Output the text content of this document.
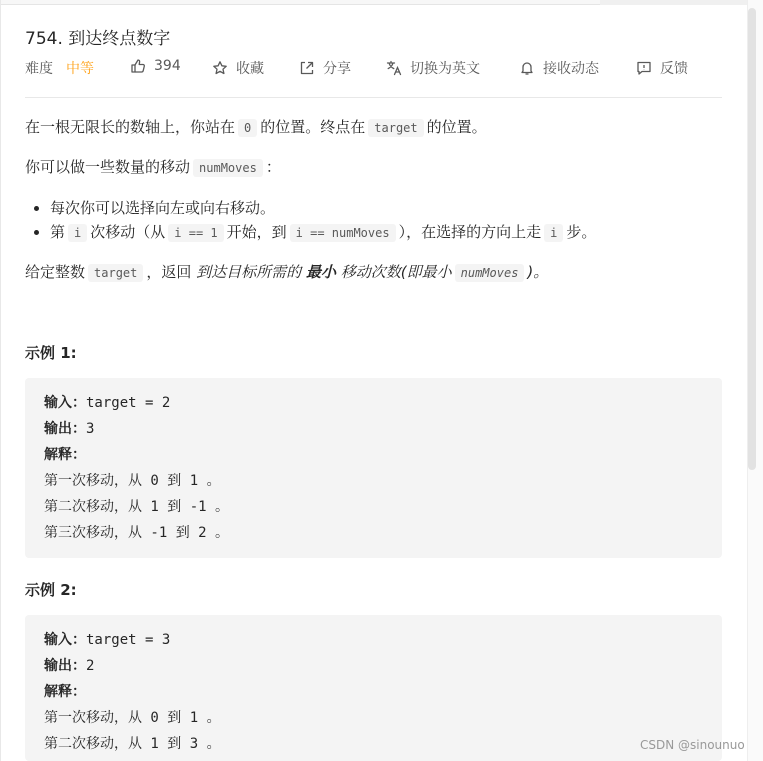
754. 到达终点数字
难度 中等	394	收藏	分享	切换为英文	接收动态	反馈
在一根无限长的数轴上，你站在 0 的位置。终点在 target 的位置。
你可以做一些数量的移动 numMoves ：
每次你可以选择向左或向右移动。
第 i 次移动（从 i == 1 开始，到 i == numMoves ），在选择的方向上走 i 步。
给定整数 target ，返回 到达目标所需的 最小 移动次数(即最小 numMoves )。
示例 1:
输入：target = 2
输出：3
解释：
第一次移动，从 0 到 1 。
第二次移动，从 1 到 -1 。
第三次移动，从 -1 到 2 。
示例 2:
输入：target = 3
输出：2
解释：
第一次移动，从 0 到 1 。
第二次移动，从 1 到 3 。	CSDN @sinounuo
